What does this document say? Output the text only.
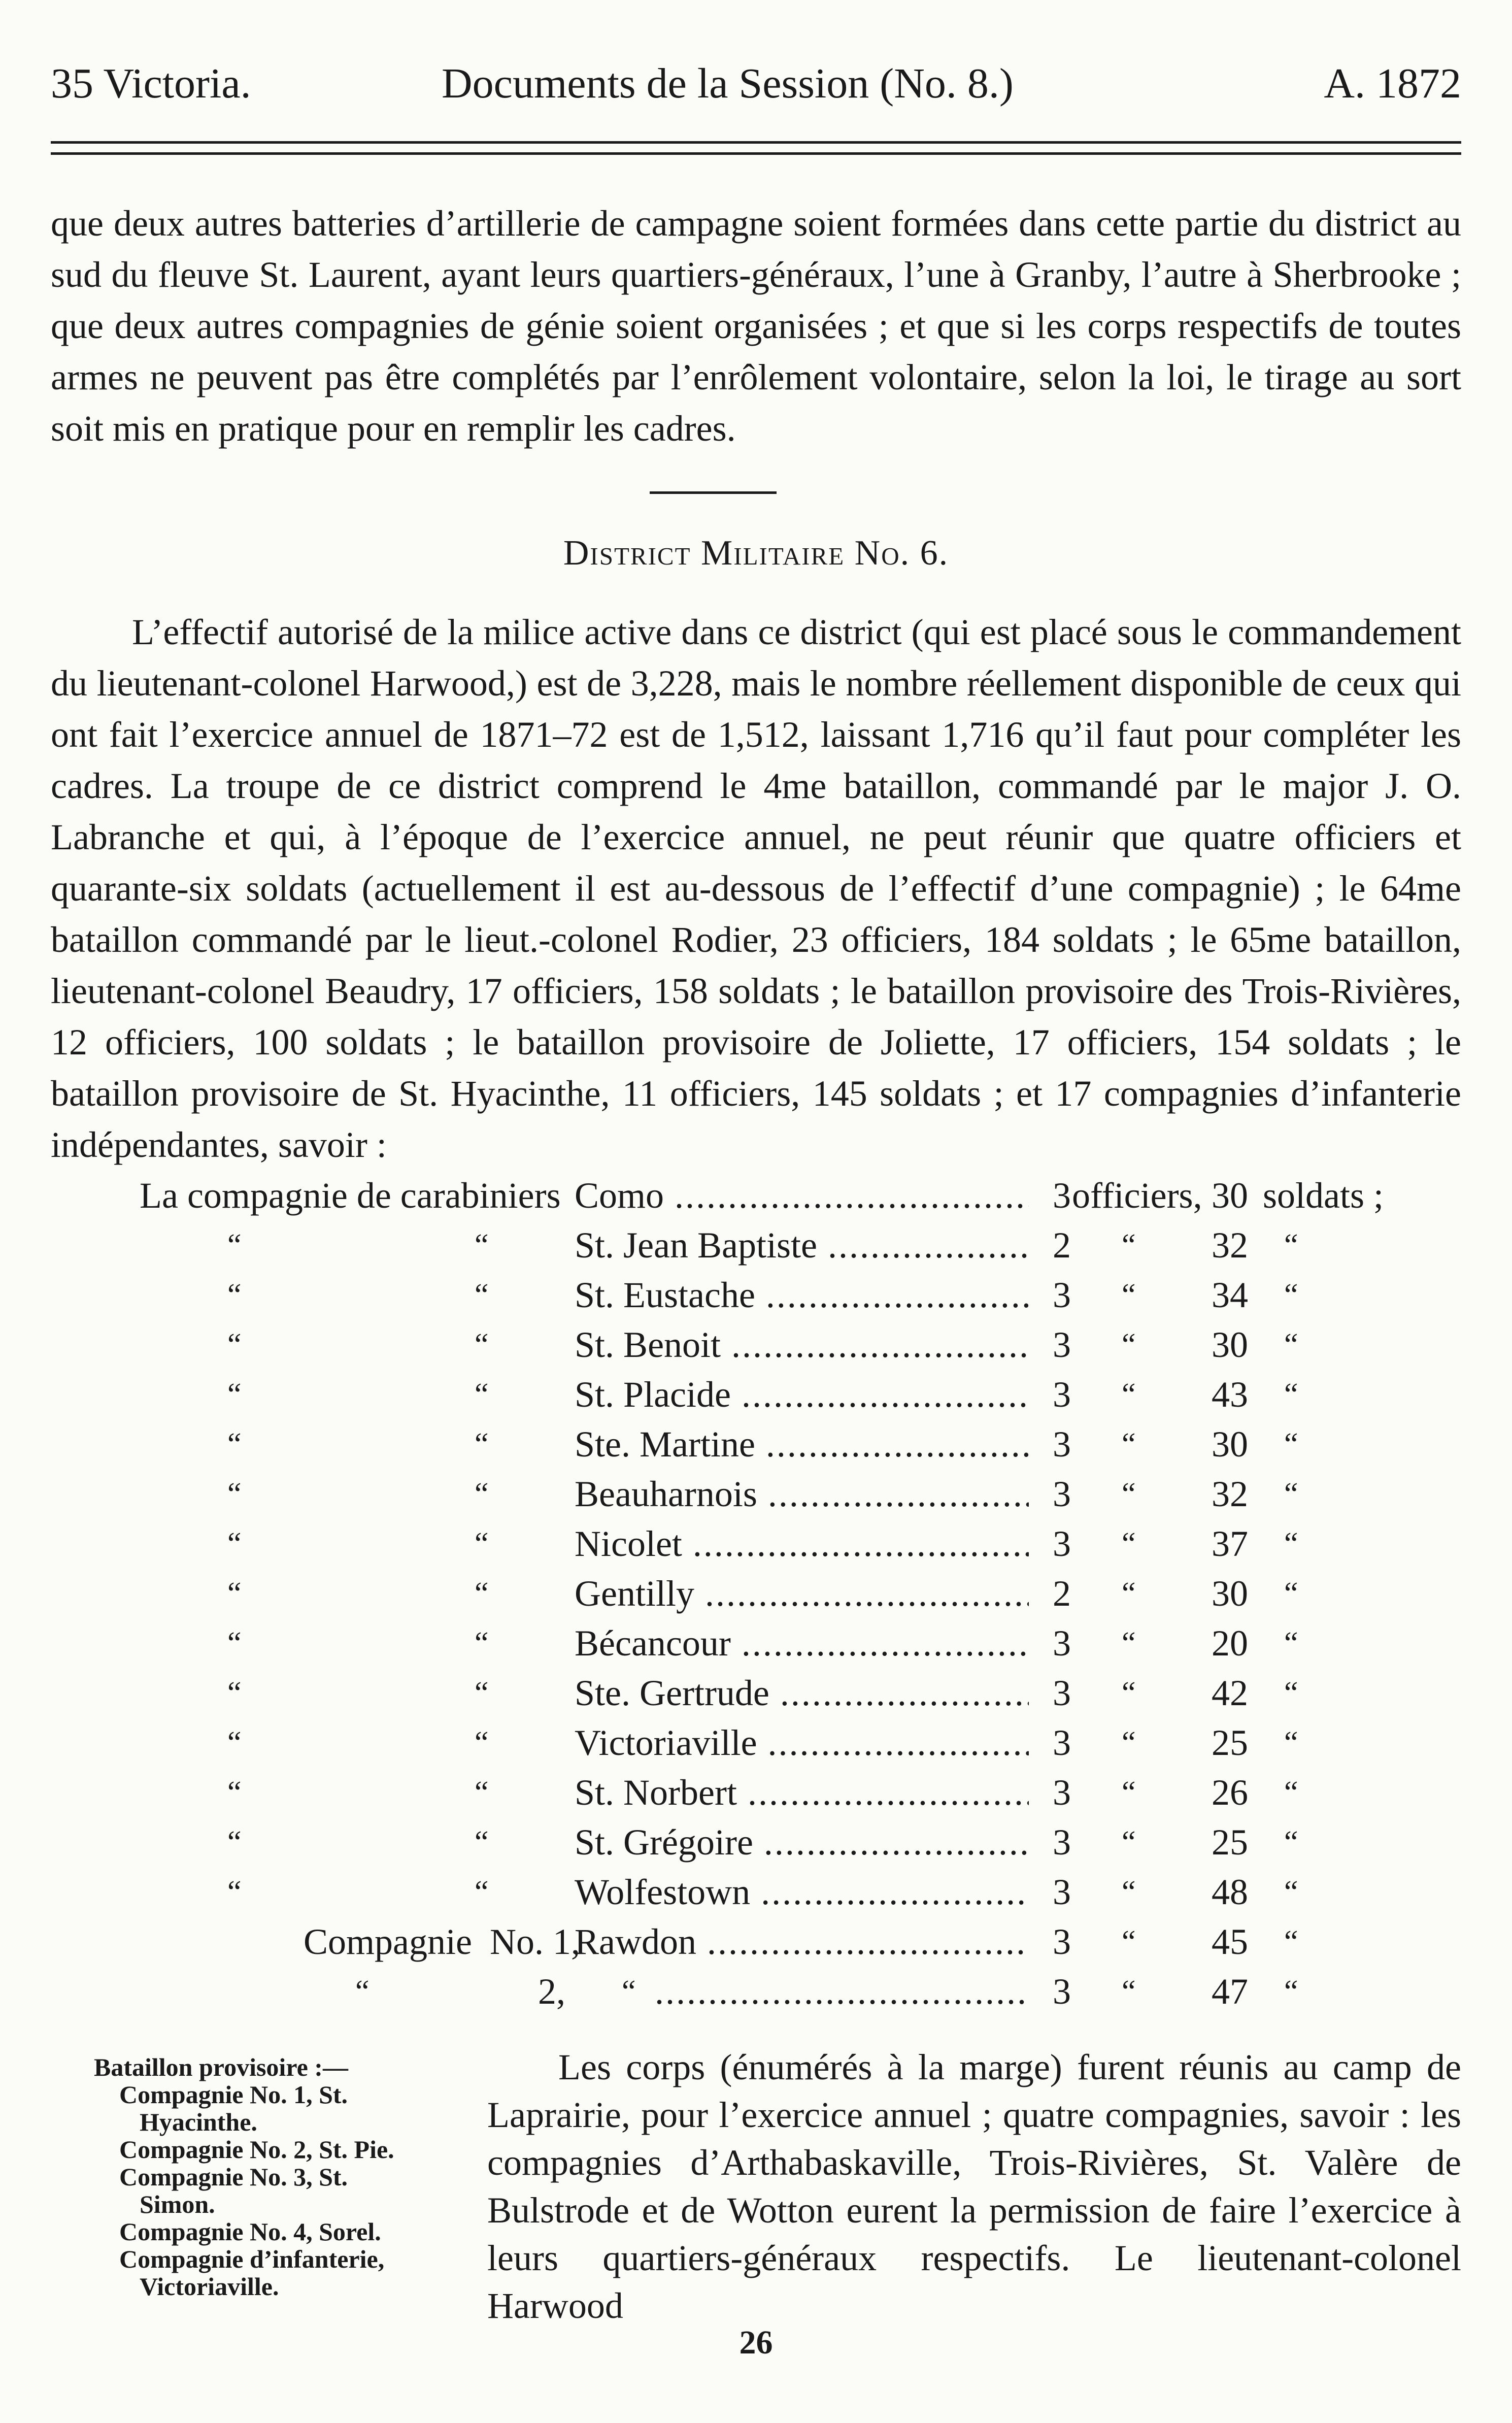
35 Victoria.	Documents de la Session (No. 8.)	A. 1872

que deux autres batteries d’artillerie de campagne soient formées dans cette partie du district au sud du fleuve St. Laurent, ayant leurs quartiers-généraux, l’une à Granby, l’autre à Sherbrooke ; que deux autres compagnies de génie soient organisées ; et que si les corps respectifs de toutes armes ne peuvent pas être complétés par l’enrôlement volontaire, selon la loi, le tirage au sort soit mis en pratique pour en remplir les cadres.

District Militaire No. 6.

L’effectif autorisé de la milice active dans ce district (qui est placé sous le commandement du lieutenant-colonel Harwood,) est de 3,228, mais le nombre réellement disponible de ceux qui ont fait l’exercice annuel de 1871–72 est de 1,512, laissant 1,716 qu’il faut pour compléter les cadres. La troupe de ce district comprend le 4me bataillon, commandé par le major J. O. Labranche et qui, à l’époque de l’exercice annuel, ne peut réunir que quatre officiers et quarante-six soldats (actuellement il est au-dessous de l’effectif d’une compagnie) ; le 64me bataillon commandé par le lieut.-colonel Rodier, 23 officiers, 184 soldats ; le 65me bataillon, lieutenant-colonel Beaudry, 17 officiers, 158 soldats ; le bataillon provisoire des Trois-Rivières, 12 officiers, 100 soldats ; le bataillon provisoire de Joliette, 17 officiers, 154 soldats ; le bataillon provisoire de St. Hyacinthe, 11 officiers, 145 soldats ; et 17 compagnies d’infanterie indépendantes, savoir :

La compagnie de carabiniers Como .....	3 officiers, 30 soldats ;
“	“ St. Jean Baptiste .....	2 “ 32 “
“	“ St. Eustache .....	3 “ 34 “
“	“ St. Benoit .....	3 “ 30 “
“	“ St. Placide .....	3 “ 43 “
“	“ Ste. Martine .....	3 “ 30 “
“	“ Beauharnois .....	3 “ 32 “
“	“ Nicolet .....	3 “ 37 “
“	“ Gentilly .....	2 “ 30 “
“	“ Bécancour .....	3 “ 20 “
“	“ Ste. Gertrude .....	3 “ 42 “
“	“ Victoriaville .....	3 “ 25 “
“	“ St. Norbert .....	3 “ 26 “
“	“ St. Grégoire .....	3 “ 25 “
“	“ Wolfestown .....	3 “ 48 “
Compagnie No. 1,
Rawdon .....	3 “ 45 “
“	2, “
.....	3 “ 47 “
Bataillon provisoire :—
Compagnie No. 1, St.
Hyacinthe.
Compagnie No. 2, St. Pie.
Compagnie No. 3, St.
Simon.
Compagnie No. 4, Sorel.
Compagnie d’infanterie,
Victoriaville.

Les corps (énumérés à la marge) furent réunis au camp de Laprairie, pour l’exercice annuel ; quatre compagnies, savoir : les compagnies d’Arthabaskaville, Trois-Rivières, St. Valère de Bulstrode et de Wotton eurent la permission de faire l’exercice à leurs quartiers-généraux respectifs. Le lieutenant-colonel Harwood

26
